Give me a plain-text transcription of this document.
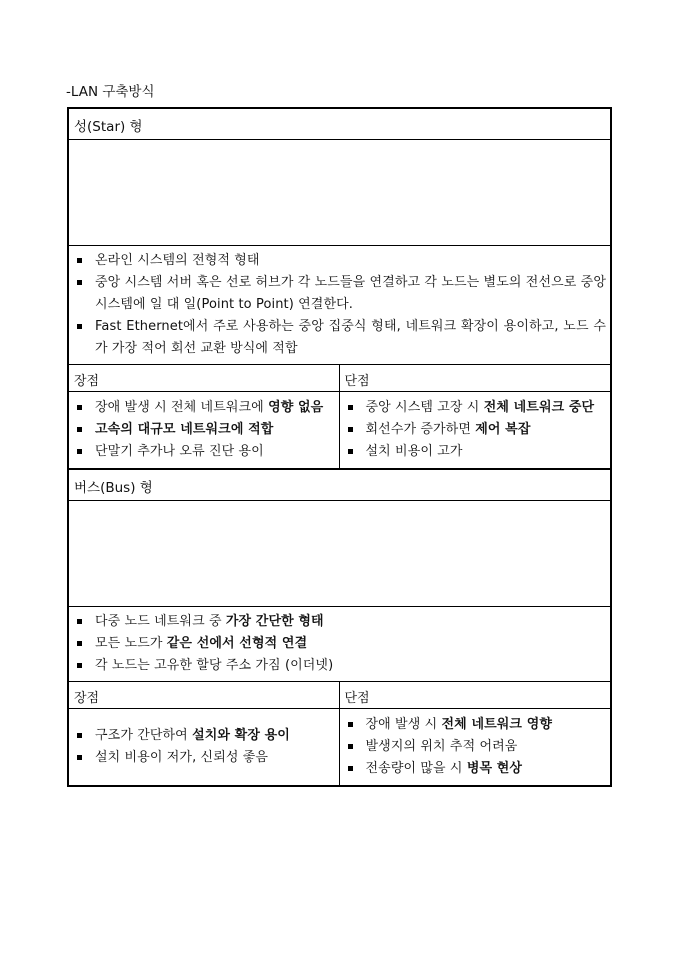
-LAN 구축방식
성(Star) 형
온라인 시스템의 전형적 형태
중앙 시스템 서버 혹은 선로 허브가 각 노드들을 연결하고 각 노드는 별도의 전선으로 중앙 시스템에 일 대 일(Point to Point) 연결한다.
Fast Ethernet에서 주로 사용하는 중앙 집중식 형태, 네트워크 확장이 용이하고, 노드 수가 가장 적어 회선 교환 방식에 적합
장점	단점
장애 발생 시 전체 네트워크에 영향 없음
고속의 대규모 네트워크에 적합
단말기 추가나 오류 진단 용이
중앙 시스템 고장 시 전체 네트워크 중단
회선수가 증가하면 제어 복잡
설치 비용이 고가
버스(Bus) 형
다중 노드 네트워크 중 가장 간단한 형태
모든 노드가 같은 선에서 선형적 연결
각 노드는 고유한 할당 주소 가짐 (이더넷)
장점	단점
구조가 간단하여 설치와 확장 용이
설치 비용이 저가, 신뢰성 좋음
장애 발생 시 전체 네트워크 영향
발생지의 위치 추적 어려움
전송량이 많을 시 병목 현상
